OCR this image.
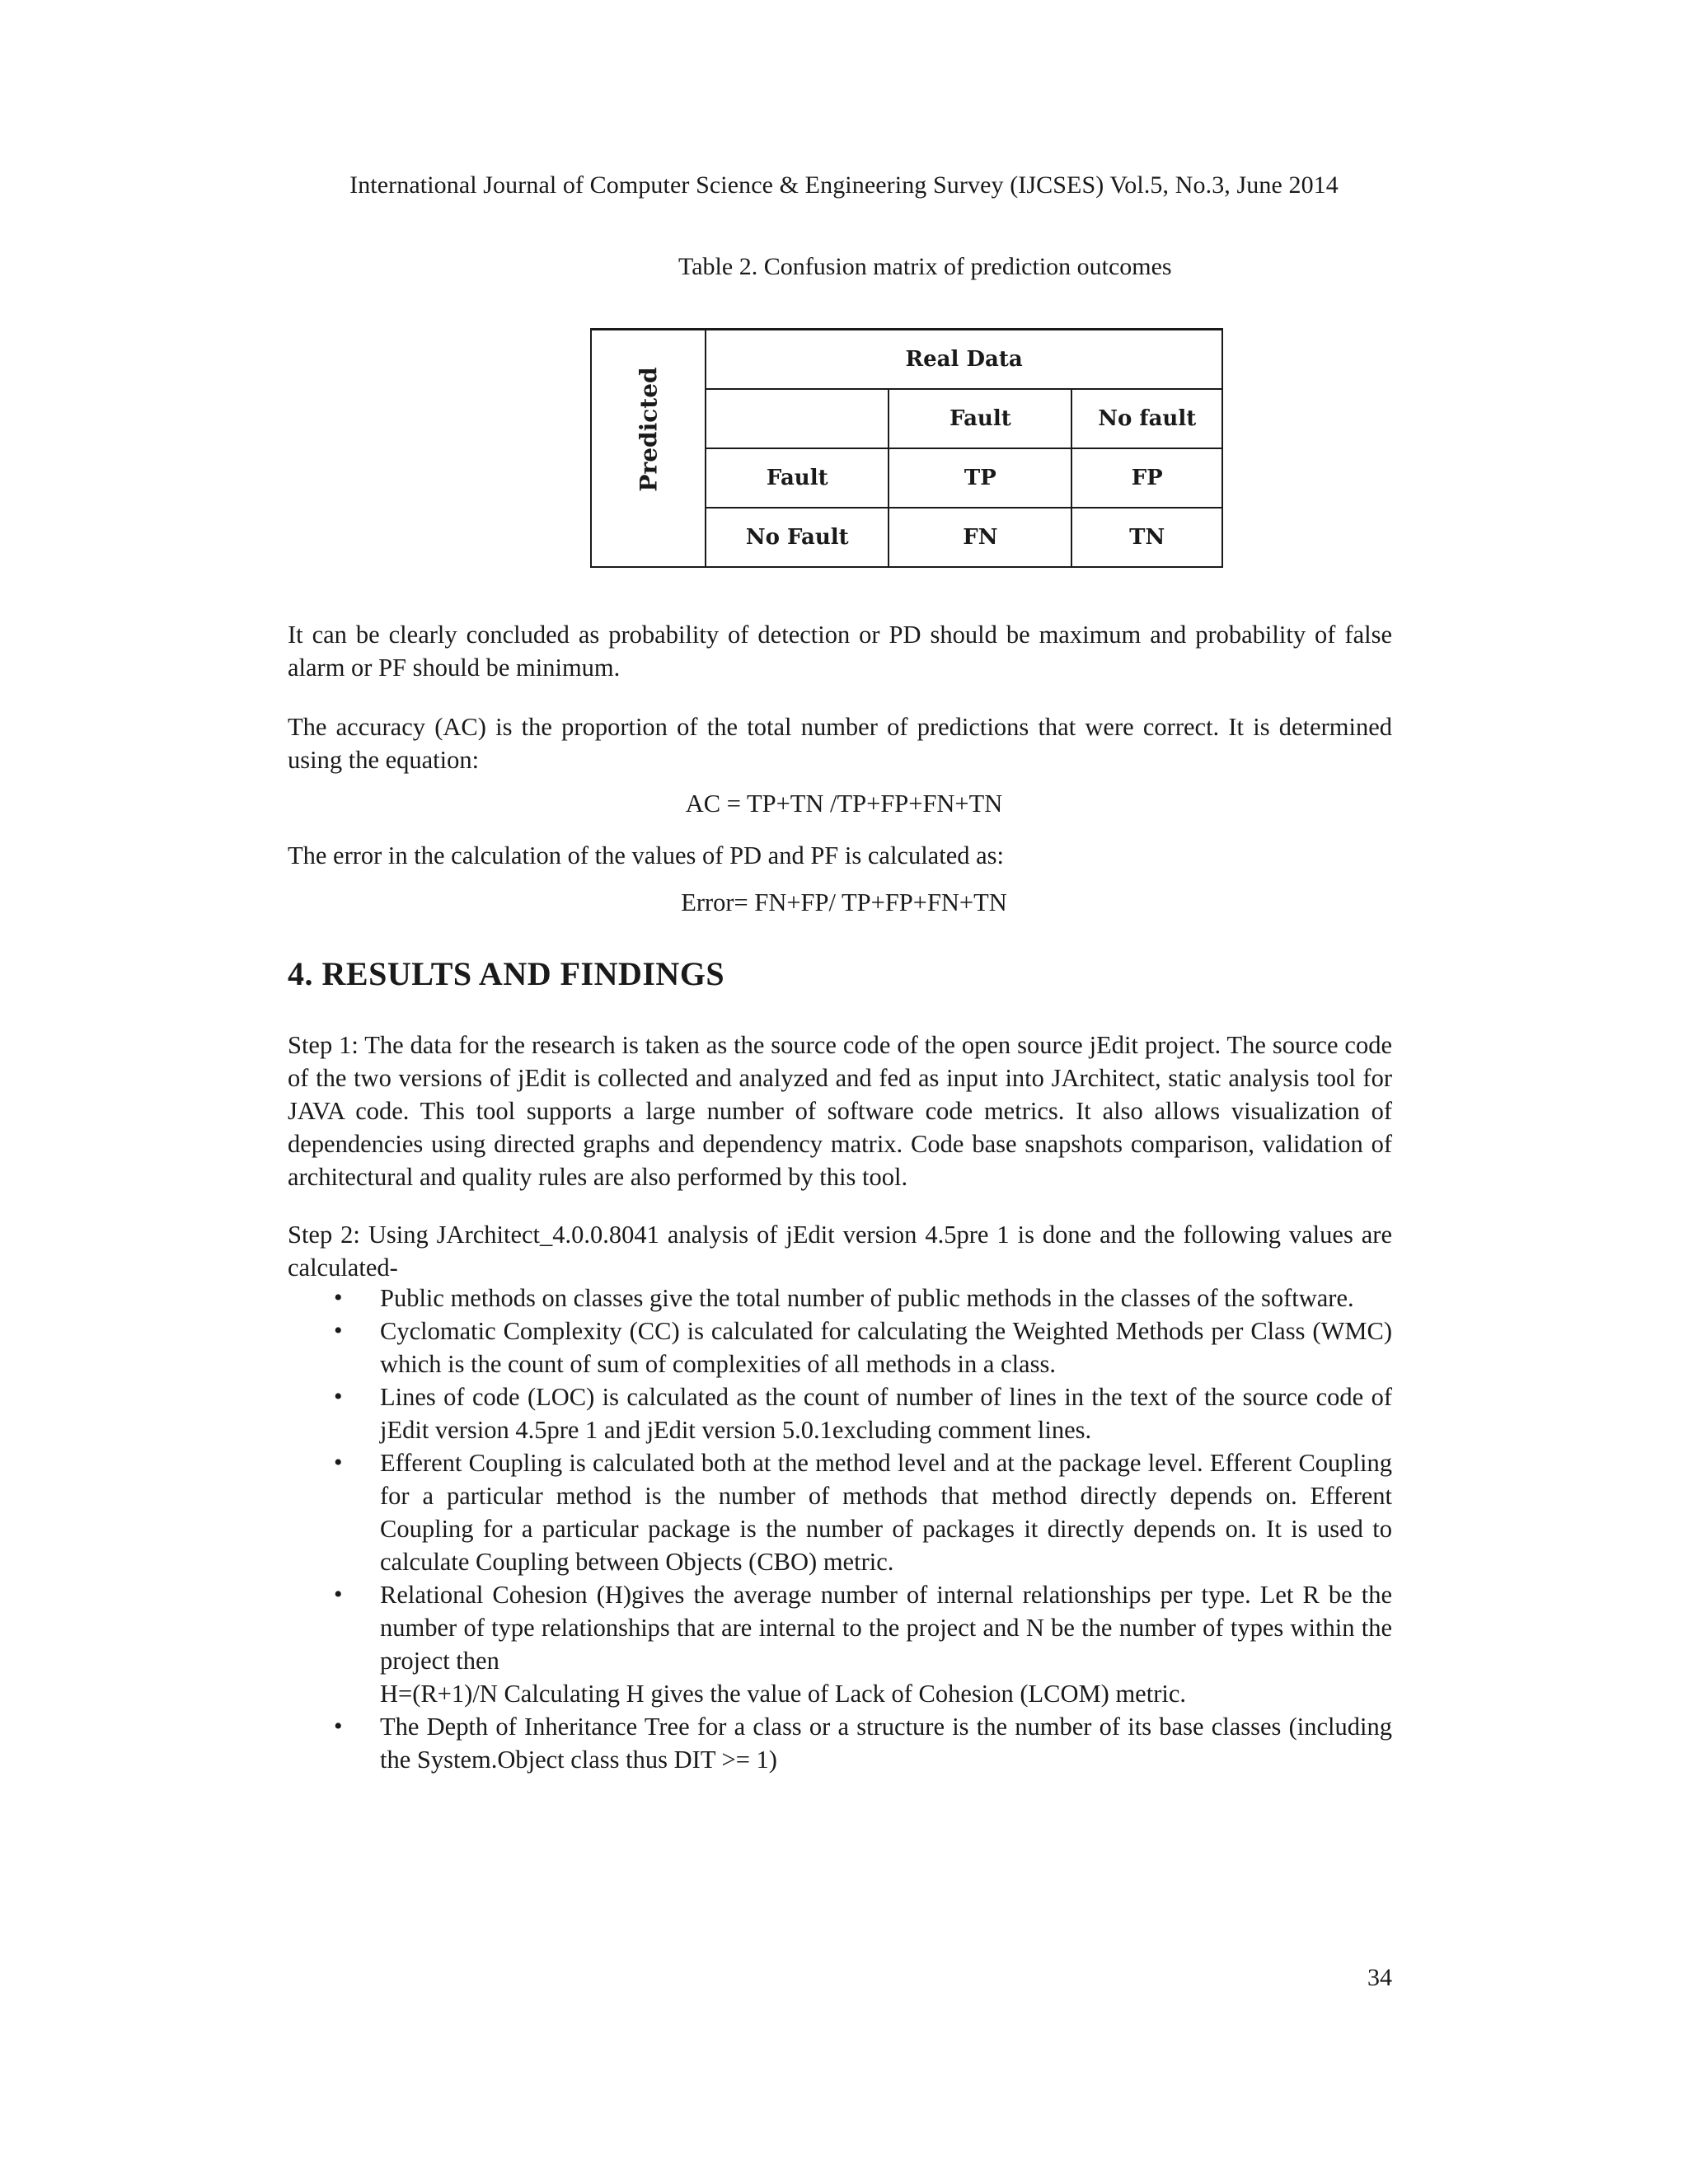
International Journal of Computer Science & Engineering Survey (IJCSES) Vol.5, No.3, June 2014
Table 2. Confusion matrix of prediction outcomes
Predicted	Real Data		
		Fault	No fault
	Fault	TP	FP
	No Fault	FN	TN
It can be clearly concluded as probability of detection or PD should be maximum and probability of false alarm or PF should be minimum.
The accuracy (AC) is the proportion of the total number of predictions that were correct. It is determined using the equation:
AC = TP+TN /TP+FP+FN+TN
The error in the calculation of the values of PD and PF is calculated as:
Error= FN+FP/ TP+FP+FN+TN
4. RESULTS AND FINDINGS
Step 1: The data for the research is taken as the source code of the open source jEdit project. The source code of the two versions of jEdit is collected and analyzed and fed as input into JArchitect, static analysis tool for JAVA code. This tool supports a large number of software code metrics. It also allows visualization of dependencies using directed graphs and dependency matrix. Code base snapshots comparison, validation of architectural and quality rules are also performed by this tool.
Step 2: Using JArchitect_4.0.0.8041 analysis of jEdit version 4.5pre 1 is done and the following values are calculated-
• Public methods on classes give the total number of public methods in the classes of the software.
• Cyclomatic Complexity (CC) is calculated for calculating the Weighted Methods per Class (WMC) which is the count of sum of complexities of all methods in a class.
• Lines of code (LOC) is calculated as the count of number of lines in the text of the source code of jEdit version 4.5pre 1 and jEdit version 5.0.1excluding comment lines.
• Efferent Coupling is calculated both at the method level and at the package level. Efferent Coupling for a particular method is the number of methods that method directly depends on. Efferent Coupling for a particular package is the number of packages it directly depends on. It is used to calculate Coupling between Objects (CBO) metric.
• Relational Cohesion (H)gives the average number of internal relationships per type. Let R be the number of type relationships that are internal to the project and N be the number of types within the project then
H=(R+1)/N Calculating H gives the value of Lack of Cohesion (LCOM) metric.
• The Depth of Inheritance Tree for a class or a structure is the number of its base classes (including the System.Object class thus DIT >= 1)
34
